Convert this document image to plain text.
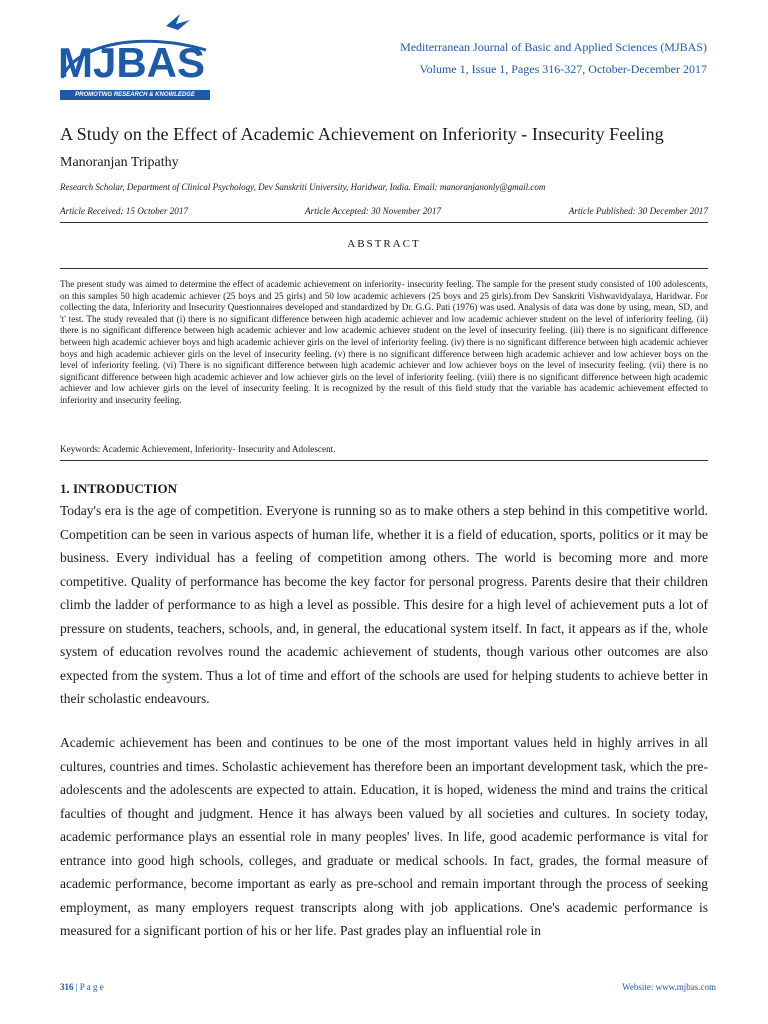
MJBAS
PROMOTING RESEARCH & KNOWLEDGE
Mediterranean Journal of Basic and Applied Sciences (MJBAS)
Volume 1, Issue 1, Pages 316-327, October-December 2017
A Study on the Effect of Academic Achievement on Inferiority - Insecurity Feeling
Manoranjan Tripathy
Research Scholar, Department of Clinical Psychology, Dev Sanskriti University, Haridwar, India. Email: manoranjanonly@gmail.com
Article Received: 15 October 2017	Article Accepted: 30 November 2017	Article Published: 30 December 2017
ABSTRACT
The present study was aimed to determine the effect of academic achievement on inferiority- insecurity feeling. The sample for the present study consisted of 100 adolescents, on this samples 50 high academic achiever (25 boys and 25 girls) and 50 low academic achievers (25 boys and 25 girls).from Dev Sanskriti Vishwavidyalaya, Haridwar. For collecting the data, Inferiority and Insecurity Questionnaires developed and standardized by Dr. G.G. Pati (1976) was used. Analysis of data was done by using, mean, SD, and 't' test. The study revealed that (i) there is no significant difference between high academic achiever and low academic achiever student on the level of inferiority feeling. (ii) there is no significant difference between high academic achiever and low academic achiever student on the level of insecurity feeling. (iii) there is no significant difference between high academic achiever boys and high academic achiever girls on the level of inferiority feeling. (iv) there is no significant difference between high academic achiever boys and high academic achiever girls on the level of insecurity feeling. (v) there is no significant difference between high academic achiever and low achiever boys on the level of inferiority feeling. (vi) There is no significant difference between high academic achiever and low achiever boys on the level of insecurity feeling. (vii) there is no significant difference between high academic achiever and low achiever girls on the level of inferiority feeling. (viii) there is no significant difference between high academic achiever and low achiever girls on the level of insecurity feeling. It is recognized by the result of this field study that the variable has academic achievement effected to inferiority and insecurity feeling.
Keywords: Academic Achievement, Inferiority- Insecurity and Adolescent.
1. INTRODUCTION
Today's era is the age of competition. Everyone is running so as to make others a step behind in this competitive world. Competition can be seen in various aspects of human life, whether it is a field of education, sports, politics or it may be business. Every individual has a feeling of competition among others. The world is becoming more and more competitive. Quality of performance has become the key factor for personal progress. Parents desire that their children climb the ladder of performance to as high a level as possible. This desire for a high level of achievement puts a lot of pressure on students, teachers, schools, and, in general, the educational system itself. In fact, it appears as if the, whole system of education revolves round the academic achievement of students, though various other outcomes are also expected from the system. Thus a lot of time and effort of the schools are used for helping students to achieve better in their scholastic endeavours.
Academic achievement has been and continues to be one of the most important values held in highly arrives in all cultures, countries and times. Scholastic achievement has therefore been an important development task, which the pre-adolescents and the adolescents are expected to attain. Education, it is hoped, wideness the mind and trains the critical faculties of thought and judgment. Hence it has always been valued by all societies and cultures. In society today, academic performance plays an essential role in many peoples' lives. In life, good academic performance is vital for entrance into good high schools, colleges, and graduate or medical schools. In fact, grades, the formal measure of academic performance, become important as early as pre-school and remain important through the process of seeking employment, as many employers request transcripts along with job applications. One's academic performance is measured for a significant portion of his or her life. Past grades play an influential role in
316 | P a g e	Website: www.mjbas.com
